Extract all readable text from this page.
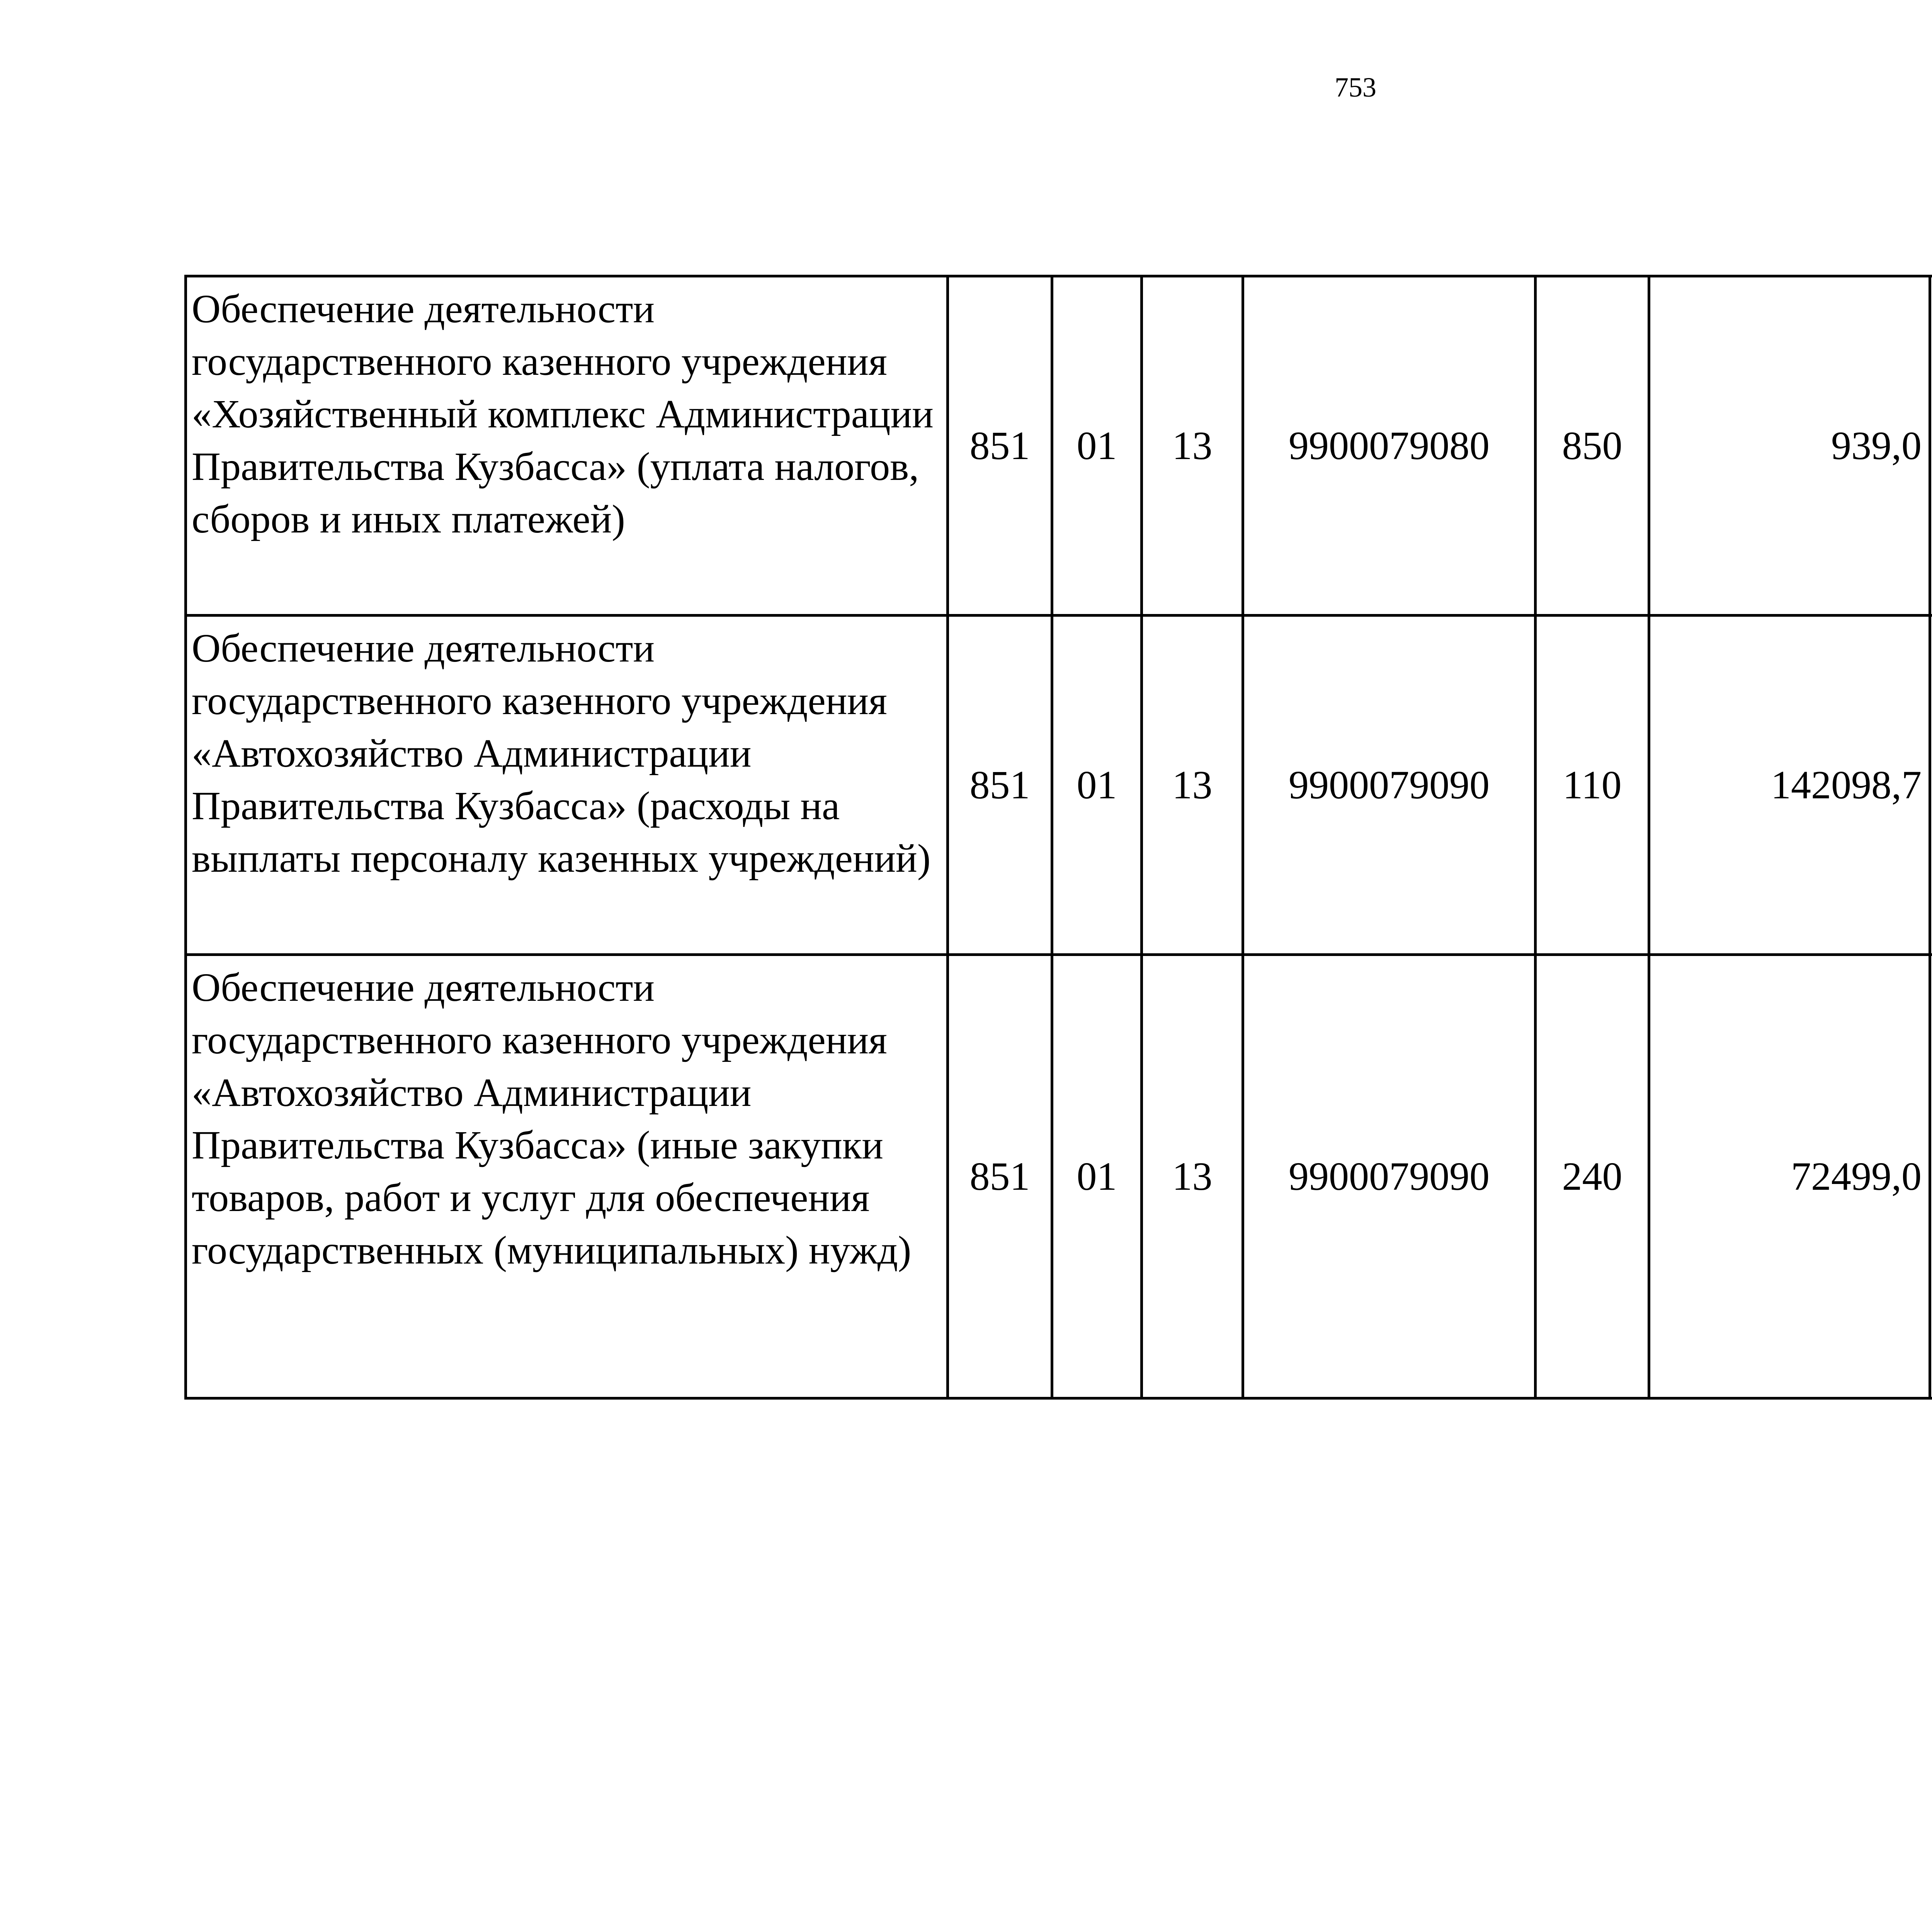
753
Обеспечение деятельности государственного казенного учреждения «Хозяйственный комплекс Администрации Правительства Кузбасса» (уплата налогов, сборов и иных платежей)	851	01	13	9900079080	850	939,0		
Обеспечение деятельности государственного казенного учреждения «Автохозяйство Администрации Правительства Кузбасса» (расходы на выплаты персоналу казенных учреждений)	851	01	13	9900079090	110	142098,7		
Обеспечение деятельности государственного казенного учреждения «Автохозяйство Администрации Правительства Кузбасса» (иные закупки товаров, работ и услуг для обеспечения государственных (муниципальных) нужд)	851	01	13	9900079090	240	72499,0		
